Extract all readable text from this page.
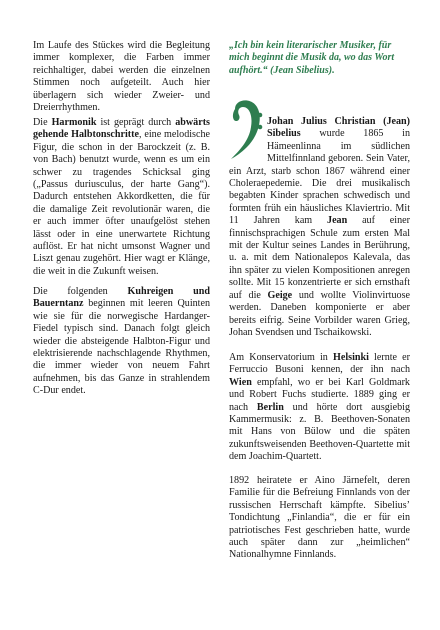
Im Laufe des Stückes wird die Begleitung immer komplexer, die Farben immer reichhaltiger, dabei werden die einzelnen Stimmen noch aufgeteilt. Auch hier überlagern sich wieder Zweier- und Dreierrhythmen.

Die Harmonik ist geprägt durch abwärts gehende Halbtonschritte, eine melodische Figur, die schon in der Barockzeit (z. B. von Bach) benutzt wurde, wenn es um ein schwer zu tragendes Schicksal ging („Passus duriusculus, der harte Gang“). Dadurch entstehen Akkordketten, die für die damalige Zeit revolutionär waren, die er auch immer öfter unaufgelöst stehen lässt oder in eine unerwartete Richtung auflöst. Er hat nicht umsonst Wagner und Liszt genau zugehört. Hier wagt er Klänge, die weit in die Zukunft weisen.

Die folgenden Kuhreigen und Bauerntanz beginnen mit leeren Quinten wie sie für die norwegische Hardanger-Fiedel typisch sind. Danach folgt gleich wieder die absteigende Halbton-Figur und elektrisierende nachschlagende Rhythmen, die immer wieder von neuem Fahrt aufnehmen, bis das Ganze in strahlendem C-Dur endet.

„Ich bin kein literarischer Musiker, für mich beginnt die Musik da, wo das Wort aufhört.“ (Jean Sibelius).

Johan Julius Christian (Jean) Sibelius wurde 1865 in Hämeenlinna im südlichen Mittelfinnland geboren. Sein Vater, ein Arzt, starb schon 1867 während einer Choleraepedemie. Die drei musikalisch begabten Kinder sprachen schwedisch und formten früh ein häusliches Klaviertrio. Mit 11 Jahren kam Jean auf einer finnischsprachigen Schule zum ersten Mal mit der Kultur seines Landes in Berührung, u. a. mit dem Nationalepos Kalevala, das ihn später zu vielen Kompositionen anregen sollte. Mit 15 konzentrierte er sich ernsthaft auf die Geige und wollte Violinvirtuose werden. Daneben komponierte er aber bereits eifrig. Seine Vorbilder waren Grieg, Johan Svendsen und Tschaikowski.

Am Konservatorium in Helsinki lernte er Ferruccio Busoni kennen, der ihn nach Wien empfahl, wo er bei Karl Goldmark und Robert Fuchs studierte. 1889 ging er nach Berlin und hörte dort ausgiebig Kammermusik: z. B. Beethoven-Sonaten mit Hans von Bülow und die späten zukunftsweisenden Beethoven-Quartette mit dem Joachim-Quartett.

1892 heiratete er Aino Järnefelt, deren Familie für die Befreiung Finnlands von der russischen Herrschaft kämpfte. Sibelius’ Tondichtung „Finlandia“, die er für ein patriotisches Fest geschrieben hatte, wurde auch später dann zur „heimlichen“ Nationalhymne Finnlands.
